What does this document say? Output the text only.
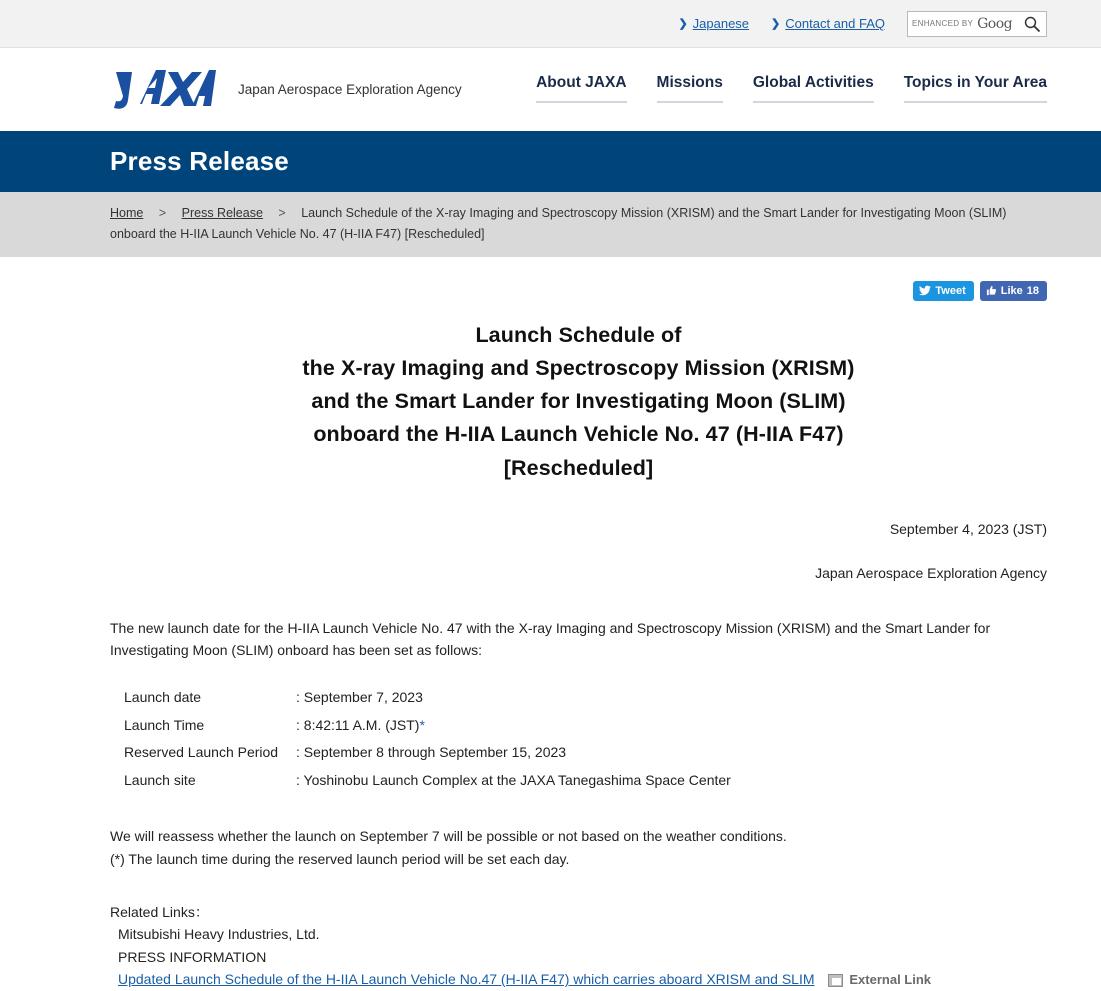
❯ Japanese ❯ Contact and FAQ	ENHANCED BY Goog
Japan Aerospace Exploration Agency	About JAXA Missions Global Activities Topics in Your Area
Press Release
Home > Press Release > Launch Schedule of the X-ray Imaging and Spectroscopy Mission (XRISM) and the Smart Lander for Investigating Moon (SLIM) onboard the H-IIA Launch Vehicle No. 47 (H-IIA F47) [Rescheduled]
Tweet	Like 18
Launch Schedule of
the X-ray Imaging and Spectroscopy Mission (XRISM)
and the Smart Lander for Investigating Moon (SLIM)
onboard the H-IIA Launch Vehicle No. 47 (H-IIA F47)
[Rescheduled]
September 4, 2023 (JST)
Japan Aerospace Exploration Agency
The new launch date for the H-IIA Launch Vehicle No. 47 with the X-ray Imaging and Spectroscopy Mission (XRISM) and the Smart Lander for Investigating Moon (SLIM) onboard has been set as follows:
Launch date	: September 7, 2023
Launch Time	: 8:42:11 A.M. (JST)*
Reserved Launch Period	: September 8 through September 15, 2023
Launch site	: Yoshinobu Launch Complex at the JAXA Tanegashima Space Center
We will reassess whether the launch on September 7 will be possible or not based on the weather conditions.
(*) The launch time during the reserved launch period will be set each day.
Related Links：
Mitsubishi Heavy Industries, Ltd.
PRESS INFORMATION
Updated Launch Schedule of the H-IIA Launch Vehicle No.47 (H-IIA F47) which carries aboard XRISM and SLIM	External Link
